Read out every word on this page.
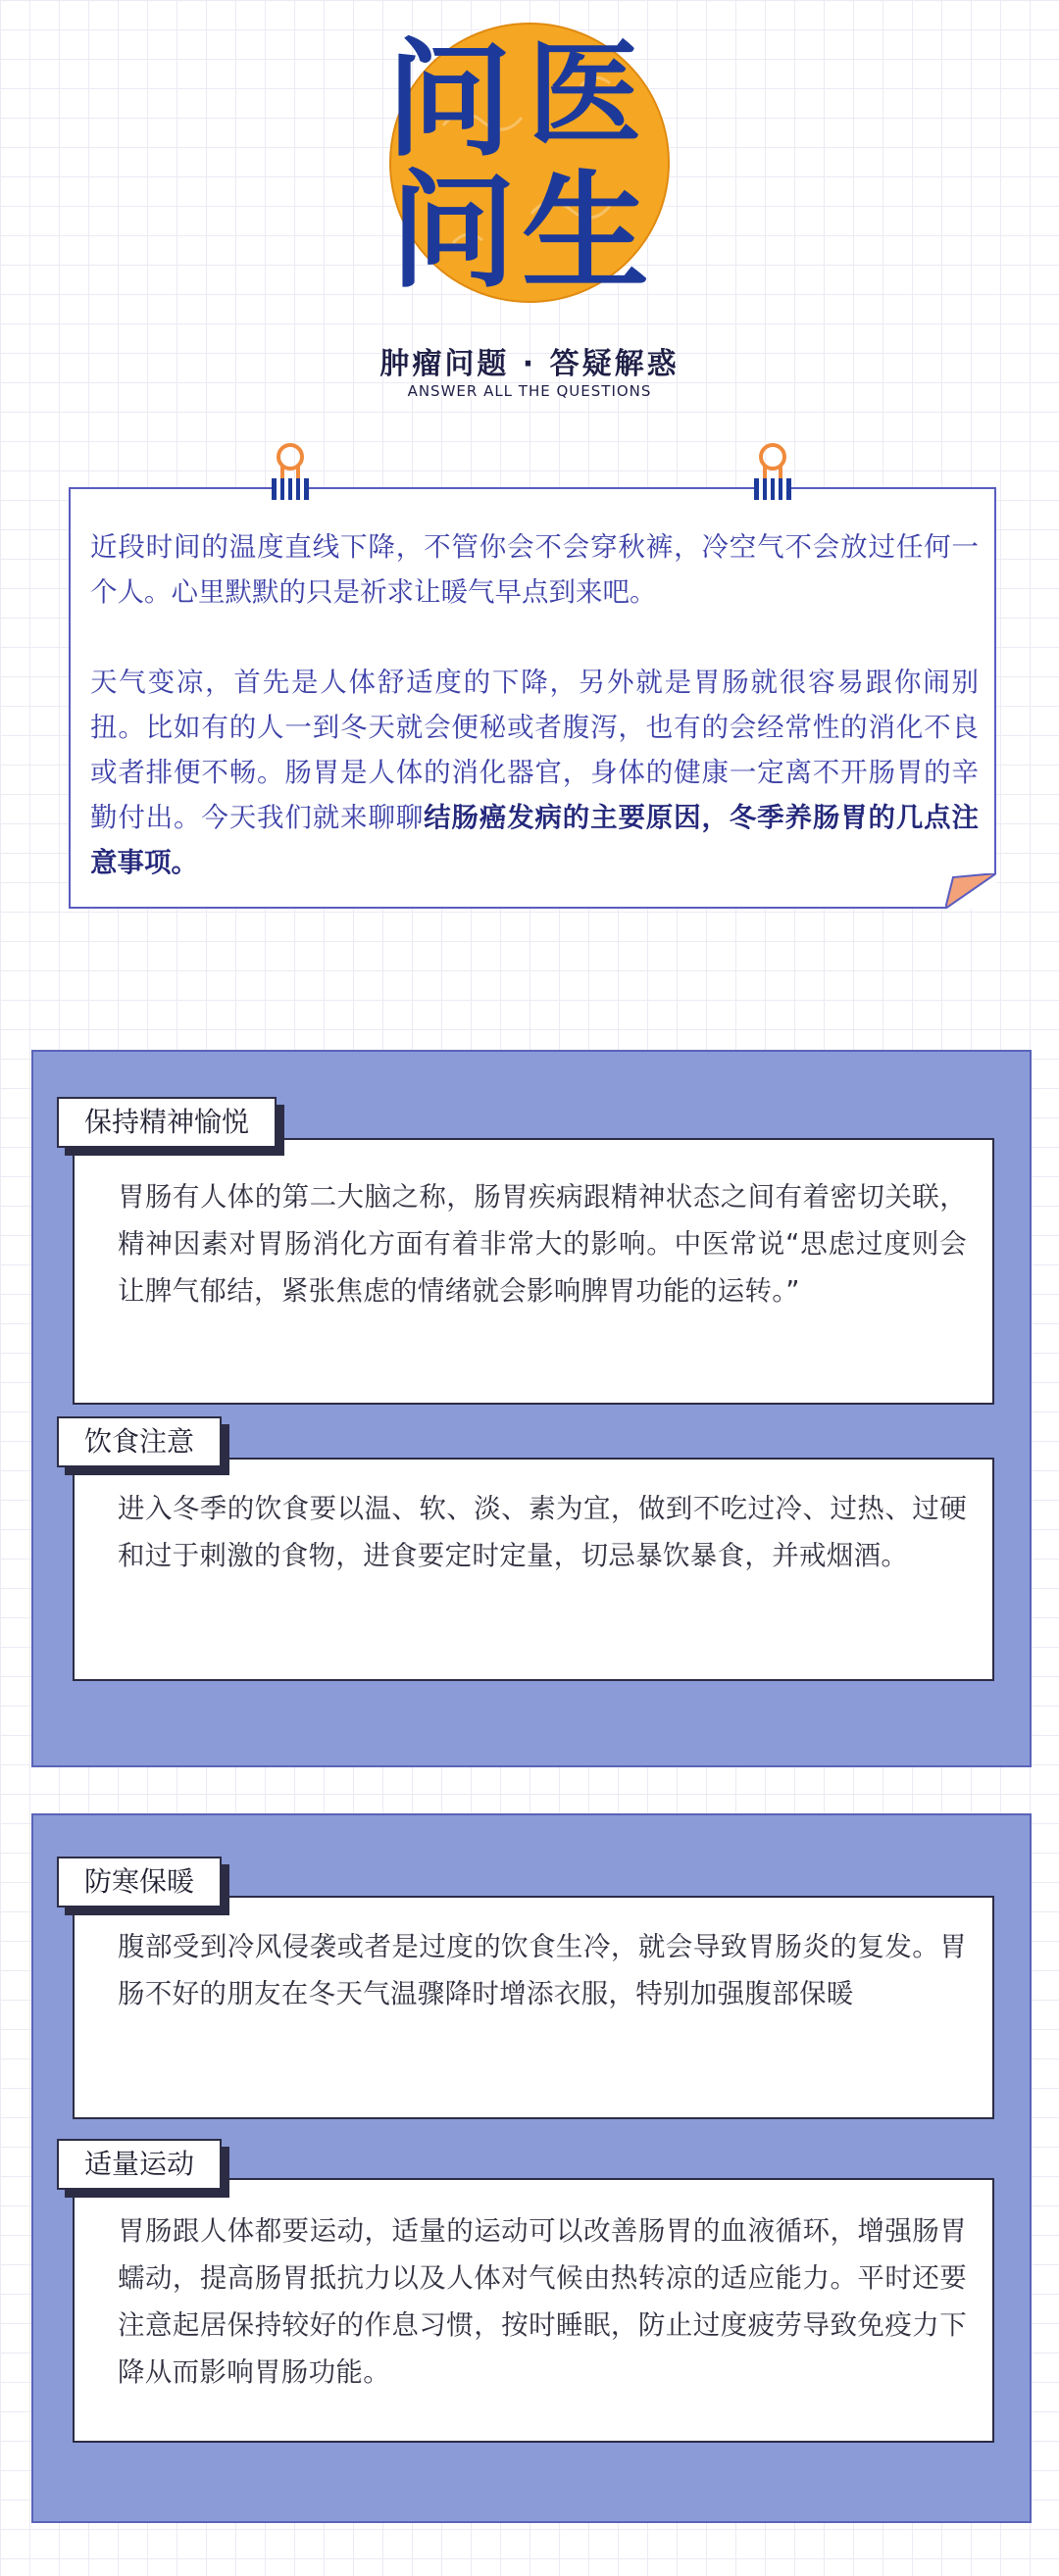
问 医
问 生
肿瘤问题 · 答疑解惑
ANSWER ALL THE QUESTIONS

近段时间的温度直线下降，不管你会不会穿秋裤，冷空气不会放过任何一个人。心里默默的只是祈求让暖气早点到来吧。

天气变凉，首先是人体舒适度的下降，另外就是胃肠就很容易跟你闹别扭。比如有的人一到冬天就会便秘或者腹泻，也有的会经常性的消化不良或者排便不畅。肠胃是人体的消化器官，身体的健康一定离不开肠胃的辛勤付出。今天我们就来聊聊结肠癌发病的主要原因，冬季养肠胃的几点注意事项。

胃肠有人体的第二大脑之称，肠胃疾病跟精神状态之间有着密切关联，精神因素对胃肠消化方面有着非常大的影响。中医常说“思虑过度则会让脾气郁结，紧张焦虑的情绪就会影响脾胃功能的运转。”
保持精神愉悦
进入冬季的饮食要以温、软、淡、素为宜，做到不吃过冷、过热、过硬和过于刺激的食物，进食要定时定量，切忌暴饮暴食，并戒烟酒。
饮食注意
腹部受到冷风侵袭或者是过度的饮食生冷，就会导致胃肠炎的复发。胃肠不好的朋友在冬天气温骤降时增添衣服，特别加强腹部保暖
防寒保暖
胃肠跟人体都要运动，适量的运动可以改善肠胃的血液循环，增强肠胃蠕动，提高肠胃抵抗力以及人体对气候由热转凉的适应能力。平时还要注意起居保持较好的作息习惯，按时睡眠，防止过度疲劳导致免疫力下降从而影响胃肠功能。
适量运动
